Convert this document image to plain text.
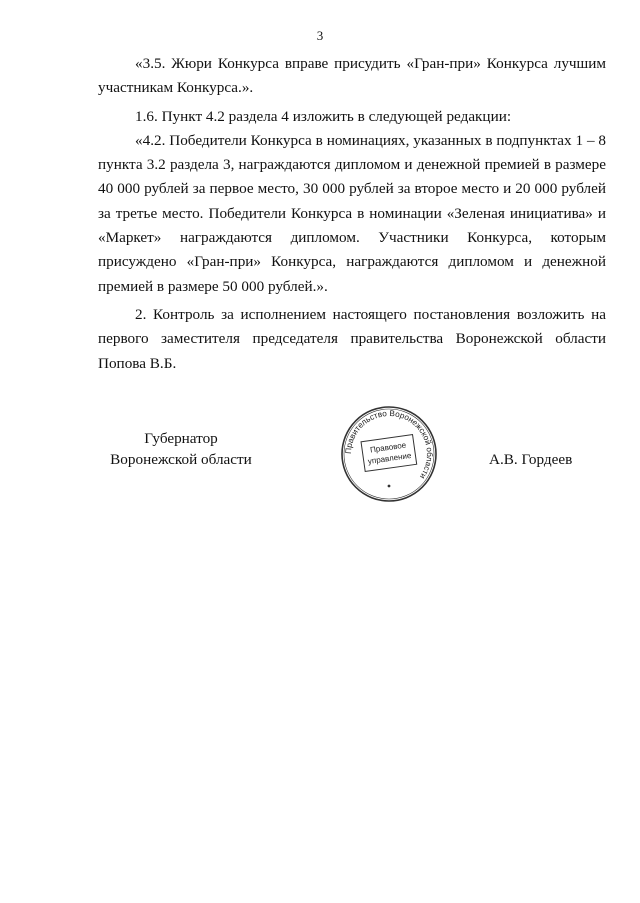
3

«3.5. Жюри Конкурса вправе присудить «Гран-при» Конкурса лучшим участникам Конкурса.».

1.6. Пункт 4.2 раздела 4 изложить в следующей редакции:

«4.2. Победители Конкурса в номинациях, указанных в подпунктах 1 – 8 пункта 3.2 раздела 3, награждаются дипломом и денежной премией в размере 40 000 рублей за первое место, 30 000 рублей за второе место и 20 000 рублей за третье место. Победители Конкурса в номинации «Зеленая инициатива» и «Маркет» награждаются дипломом. Участники Конкурса, которым присуждено «Гран-при» Конкурса, награждаются дипломом и денежной премией в размере 50 000 рублей.».

2. Контроль за исполнением настоящего постановления возложить на первого заместителя председателя правительства Воронежской области Попова В.Б.

Губернатор
Воронежской области
Правительство Воронежской области
Правовое
управление	А.В. Гордеев
